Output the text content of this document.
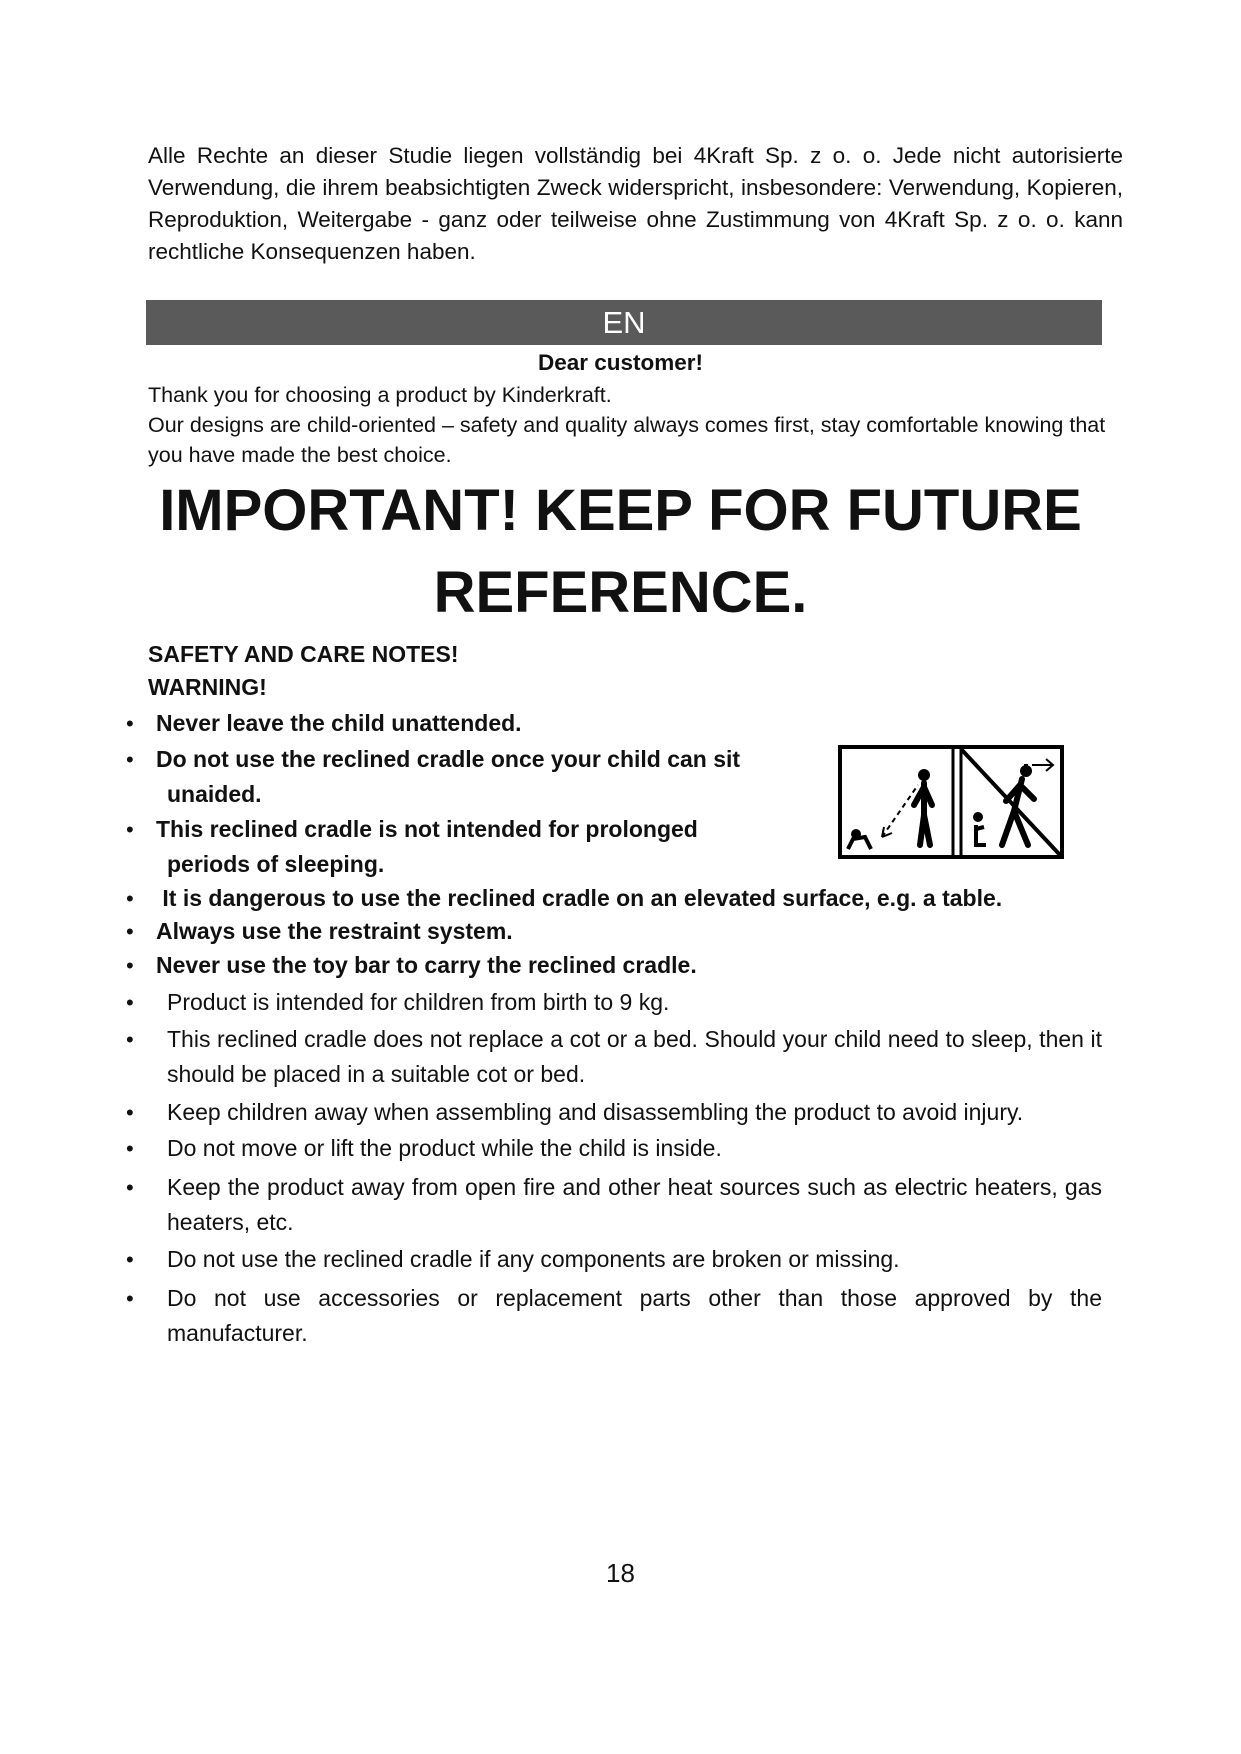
Alle Rechte an dieser Studie liegen vollständig bei 4Kraft Sp. z o. o. Jede nicht autorisierte Verwendung, die ihrem beabsichtigten Zweck widerspricht, insbesondere: Verwendung, Kopieren, Reproduktion, Weitergabe - ganz oder teilweise ohne Zustimmung von 4Kraft Sp. z o. o. kann rechtliche Konsequenzen haben.

EN
Dear customer!

Thank you for choosing a product by Kinderkraft.

Our designs are child-oriented – safety and quality always comes first, stay comfortable knowing that you have made the best choice.

IMPORTANT! KEEP FOR FUTURE
REFERENCE.
SAFETY AND CARE NOTES!
WARNING!
• Never leave the child unattended.
• Do not use the reclined cradle once your child can sit
unaided.
• This reclined cradle is not intended for prolonged
periods of sleeping.
• It is dangerous to use the reclined cradle on an elevated surface, e.g. a table.
• Always use the restraint system.
• Never use the toy bar to carry the reclined cradle.
• Product is intended for children from birth to 9 kg.
• This reclined cradle does not replace a cot or a bed. Should your child need to sleep, then it should be placed in a suitable cot or bed.
• Keep children away when assembling and disassembling the product to avoid injury.
• Do not move or lift the product while the child is inside.
• Keep the product away from open fire and other heat sources such as electric heaters, gas heaters, etc.
• Do not use the reclined cradle if any components are broken or missing.
• Do not use accessories or replacement parts other than those approved by the manufacturer.
18
